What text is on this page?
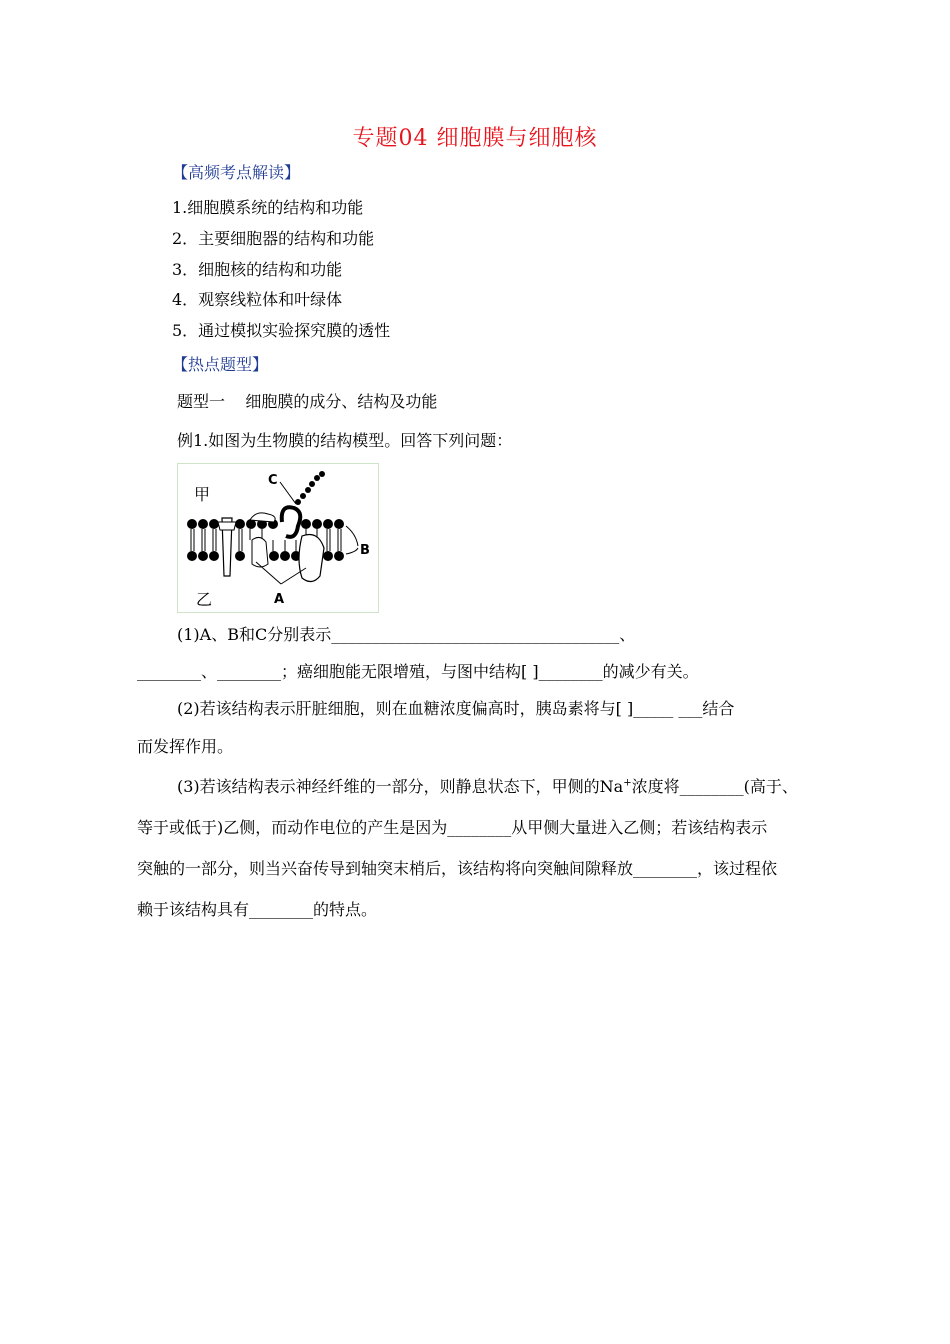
专题04 细胞膜与细胞核
【高频考点解读】
1.细胞膜系统的结构和功能
2．主要细胞器的结构和功能
3．细胞核的结构和功能
4．观察线粒体和叶绿体
5．通过模拟实验探究膜的透性
【热点题型】
题型一    细胞膜的成分、结构及功能
例1.如图为生物膜的结构模型。回答下列问题：
甲
乙
C
A
B
(1)A、B和C分别表示____________________________________、
________、________；癌细胞能无限增殖，与图中结构[ ]________的减少有关。
(2)若该结构表示肝脏细胞，则在血糖浓度偏高时，胰岛素将与[ ]_____ ___结合
而发挥作用。
(3)若该结构表示神经纤维的一部分，则静息状态下，甲侧的Na+浓度将________(高于、
等于或低于)乙侧，而动作电位的产生是因为________从甲侧大量进入乙侧；若该结构表示
突触的一部分，则当兴奋传导到轴突末梢后，该结构将向突触间隙释放________，该过程依
赖于该结构具有________的特点。
